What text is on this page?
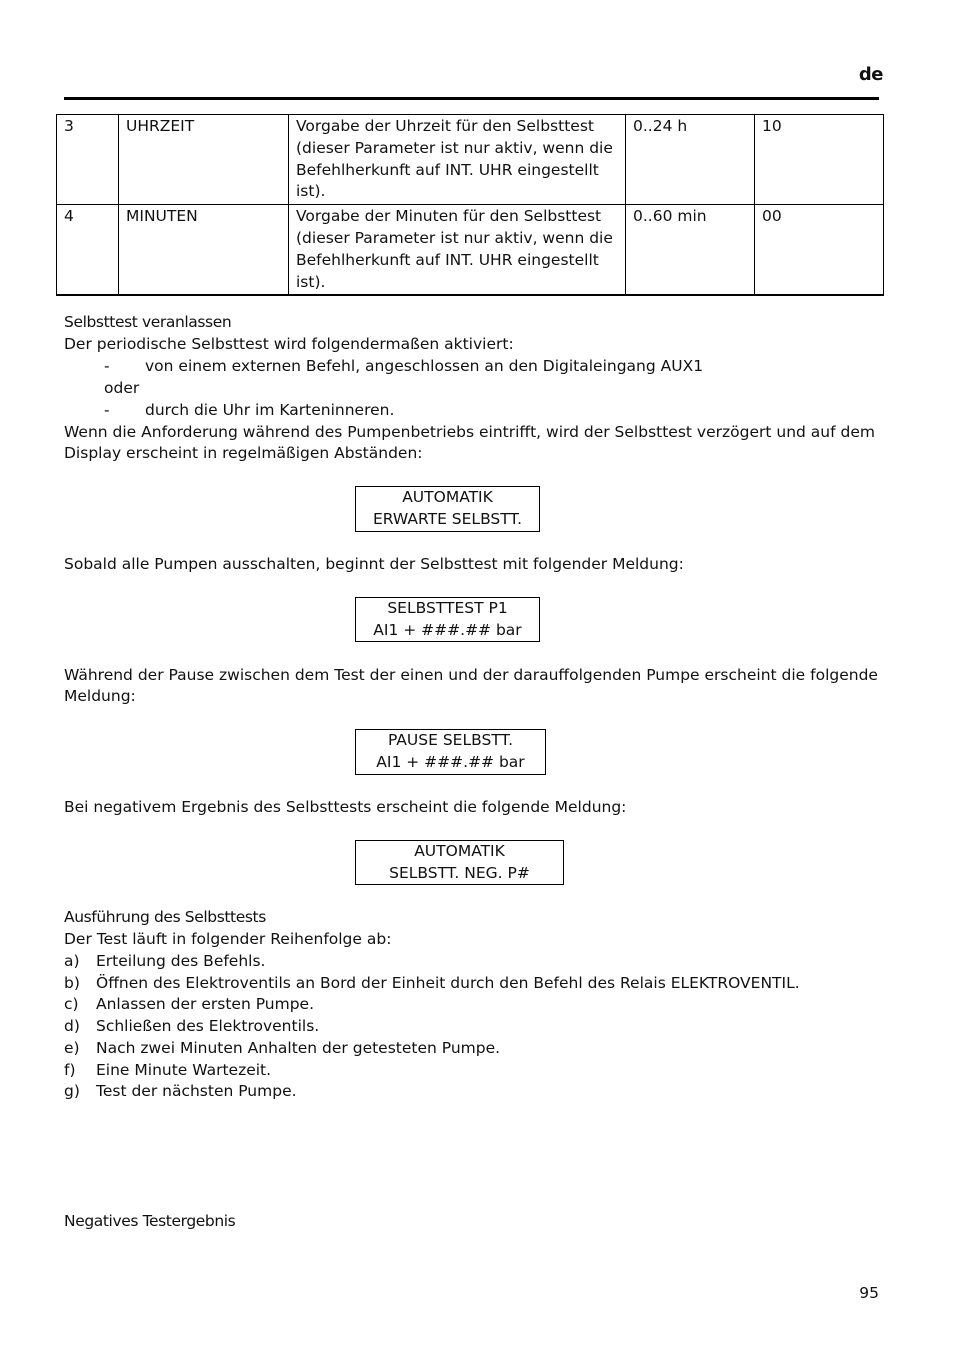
de
3	UHRZEIT	Vorgabe der Uhrzeit für den Selbsttest (dieser Parameter ist nur aktiv, wenn die Befehlherkunft auf INT. UHR eingestellt ist).	0..24 h	10
4	MINUTEN	Vorgabe der Minuten für den Selbsttest (dieser Parameter ist nur aktiv, wenn die Befehlherkunft auf INT. UHR eingestellt ist).	0..60 min	00
Selbsttest veranlassen
Der periodische Selbsttest wird folgendermaßen aktiviert:
- von einem externen Befehl, angeschlossen an den Digitaleingang AUX1
oder
- durch die Uhr im Karteninneren.
Wenn die Anforderung während des Pumpenbetriebs eintrifft, wird der Selbsttest verzögert und auf dem
Display erscheint in regelmäßigen Abständen:
AUTOMATIK
ERWARTE SELBSTT.
Sobald alle Pumpen ausschalten, beginnt der Selbsttest mit folgender Meldung:
SELBSTTEST P1
AI1 + ###.## bar
Während der Pause zwischen dem Test der einen und der darauffolgenden Pumpe erscheint die folgende
Meldung:
PAUSE SELBSTT.
AI1 + ###.## bar
Bei negativem Ergebnis des Selbsttests erscheint die folgende Meldung:
AUTOMATIK
SELBSTT. NEG. P#
Ausführung des Selbsttests
Der Test läuft in folgender Reihenfolge ab:
a) Erteilung des Befehls.
b) Öffnen des Elektroventils an Bord der Einheit durch den Befehl des Relais ELEKTROVENTIL.
c) Anlassen der ersten Pumpe.
d) Schließen des Elektroventils.
e) Nach zwei Minuten Anhalten der getesteten Pumpe.
f) Eine Minute Wartezeit.
g) Test der nächsten Pumpe.
Negatives Testergebnis
95
